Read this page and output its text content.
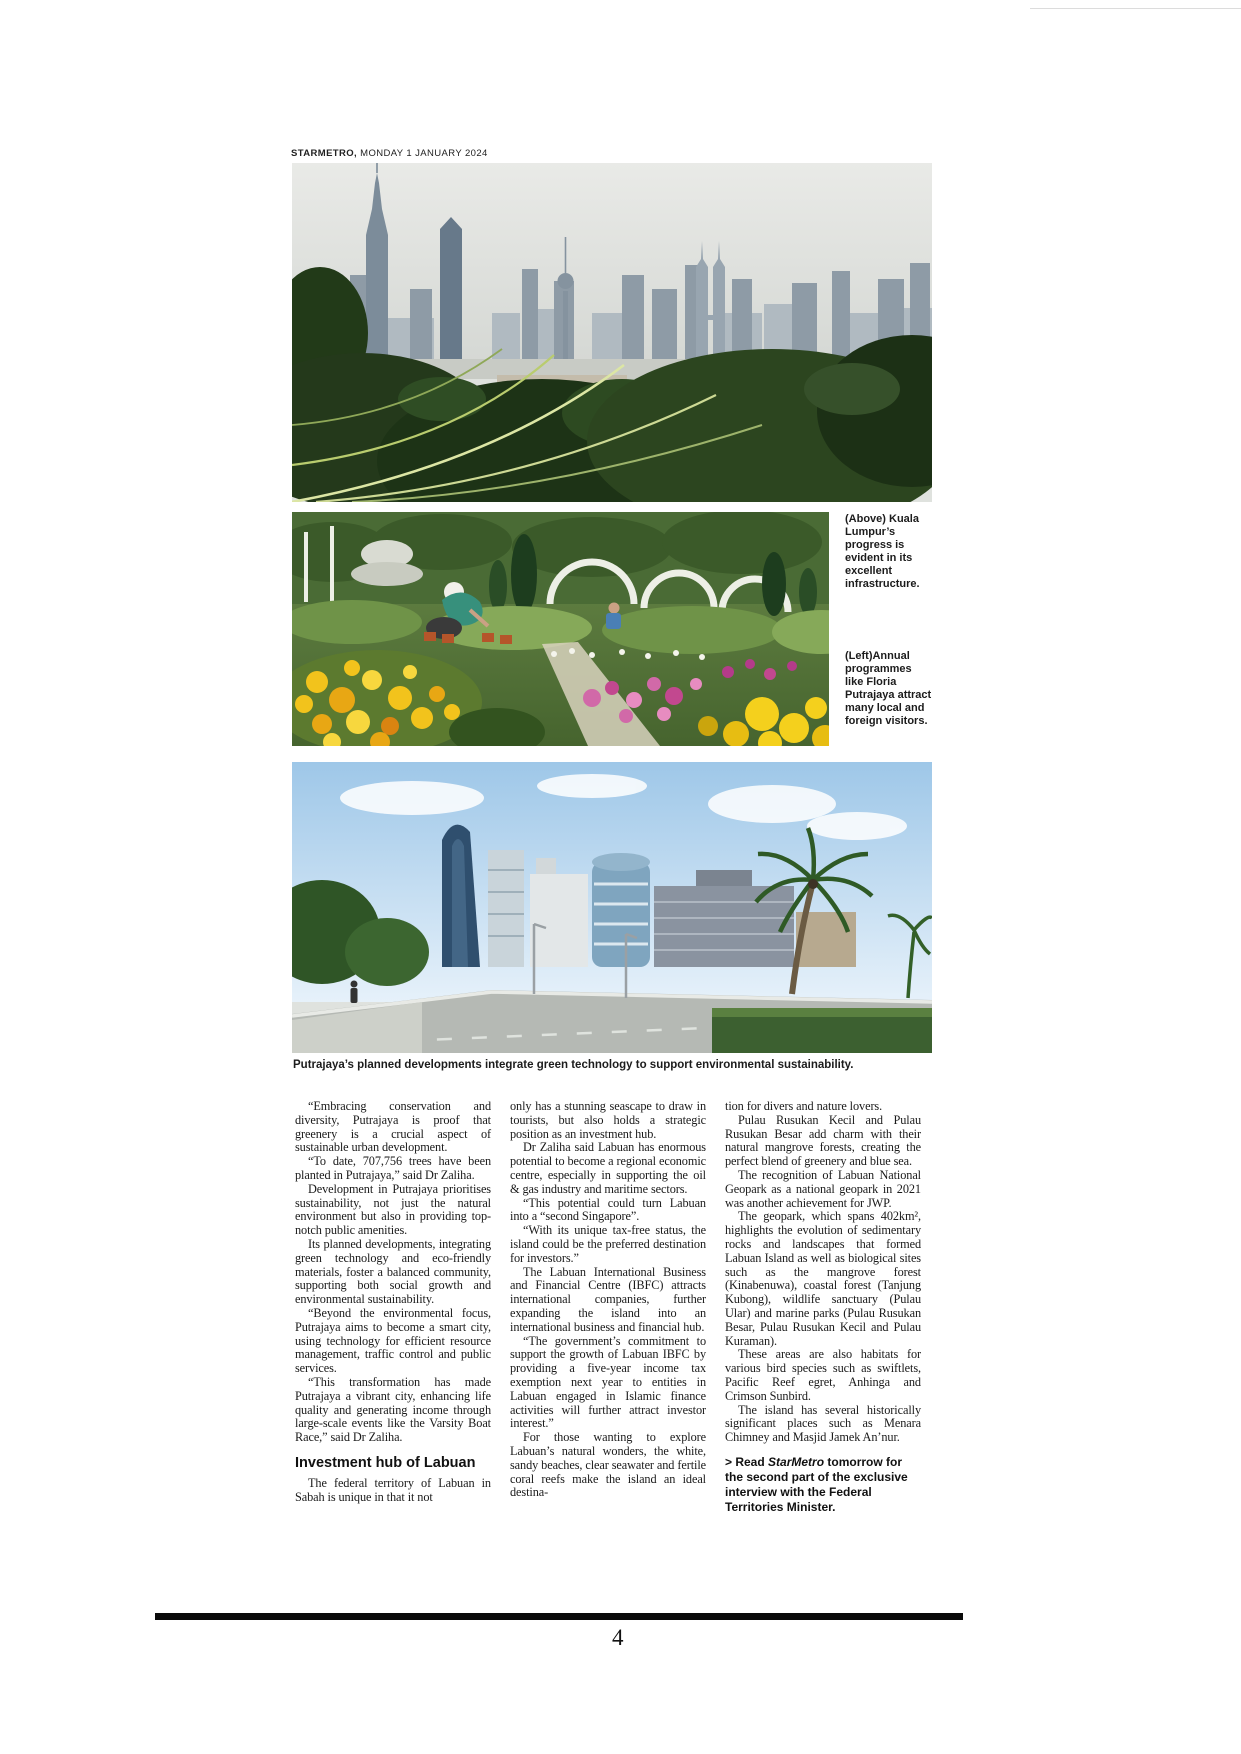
STARMETRO, MONDAY 1 JANUARY 2024
(Above) Kuala Lumpur’s progress is evident in its excellent infrastructure.
(Left)Annual programmes like Floria Putrajaya attract many local and foreign visitors.
Putrajaya’s planned developments integrate green technology to support environmental sustainability.

“Embracing conservation and diversity, Putrajaya is proof that greenery is a crucial aspect of sustainable urban development.

“To date, 707,756 trees have been planted in Putrajaya,” said Dr Zaliha.

Development in Putrajaya prioritises sustainability, not just the natural environment but also in providing top-notch public amenities.

Its planned developments, integrating green technology and eco-friendly materials, foster a balanced community, supporting both social growth and environmental sustainability.

“Beyond the environmental focus, Putrajaya aims to become a smart city, using technology for efficient resource management, traffic control and public services.

“This transformation has made Putrajaya a vibrant city, enhancing life quality and generating income through large-scale events like the Varsity Boat Race,” said Dr Zaliha.

Investment hub of Labuan

The federal territory of Labuan in Sabah is unique in that it not

only has a stunning seascape to draw in tourists, but also holds a strategic position as an investment hub.

Dr Zaliha said Labuan has enormous potential to become a regional economic centre, especially in supporting the oil & gas industry and maritime sectors.

“This potential could turn Labuan into a “second Singapore”.

“With its unique tax-free status, the island could be the preferred destination for investors.”

The Labuan International Business and Financial Centre (IBFC) attracts international companies, further expanding the island into an international business and financial hub.

“The government’s commitment to support the growth of Labuan IBFC by providing a five-year income tax exemption next year to entities in Labuan engaged in Islamic finance activities will further attract investor interest.”

For those wanting to explore Labuan’s natural wonders, the white, sandy beaches, clear seawater and fertile coral reefs make the island an ideal destina-

tion for divers and nature lovers.

Pulau Rusukan Kecil and Pulau Rusukan Besar add charm with their natural mangrove forests, creating the perfect blend of greenery and blue sea.

The recognition of Labuan National Geopark as a national geopark in 2021 was another achievement for JWP.

The geopark, which spans 402km², highlights the evolution of sedimentary rocks and landscapes that formed Labuan Island as well as biological sites such as the mangrove forest (Kinabenuwa), coastal forest (Tanjung Kubong), wildlife sanctuary (Pulau Ular) and marine parks (Pulau Rusukan Besar, Pulau Rusukan Kecil and Pulau Kuraman).

These areas are also habitats for various bird species such as swiftlets, Pacific Reef egret, Anhinga and Crimson Sunbird.

The island has several historically significant places such as Menara Chimney and Masjid Jamek An’nur.

> Read StarMetro tomorrow for the second part of the exclusive interview with the Federal Territories Minister.

4
